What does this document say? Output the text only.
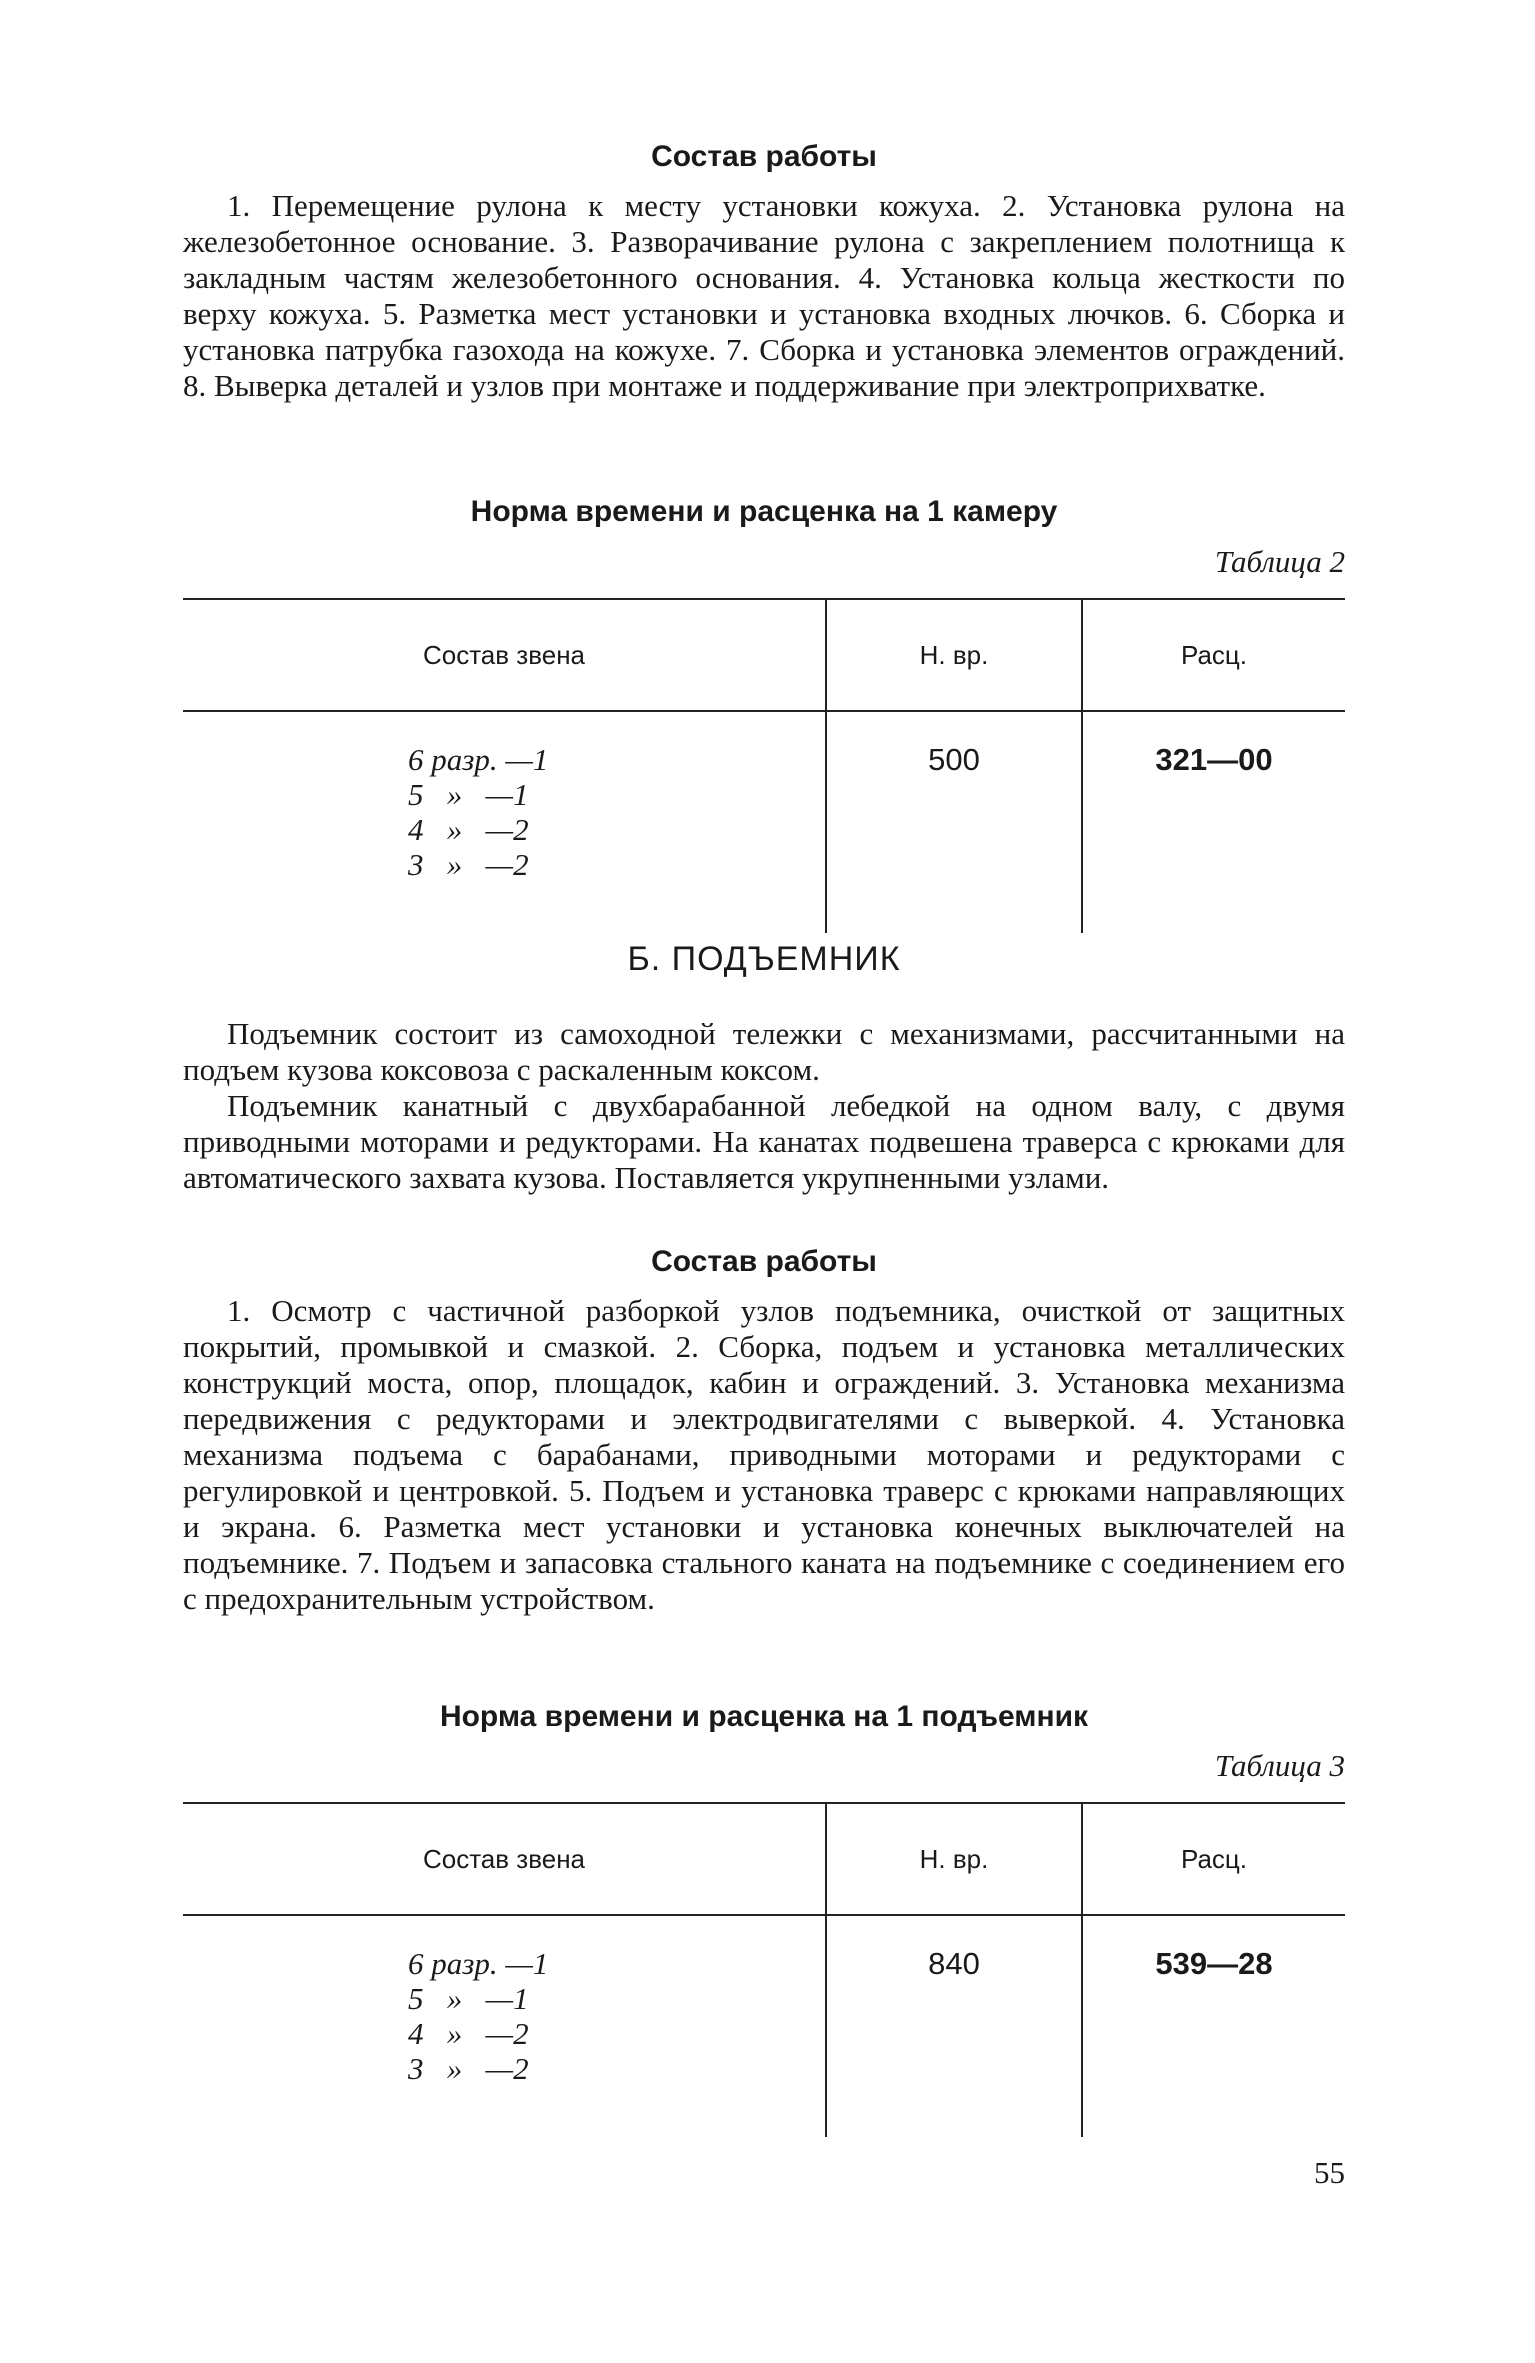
Состав работы
1. Перемещение рулона к месту установки кожуха. 2. Установка рулона на железобетонное основание. 3. Разворачивание рулона с закреплением полотнища к закладным частям железобетонного основания. 4. Установка кольца жесткости по верху кожуха. 5. Разметка мест установки и установка входных лючков. 6. Сборка и установка патрубка газохода на кожухе. 7. Сборка и установка элементов ограждений. 8. Выверка деталей и узлов при монтаже и поддерживание при электроприхватке.
Норма времени и расценка на 1 камеру
Таблица 2
Состав звена	Н. вр.	Расц.

6 разр. —1
5   »   —1
4   »   —2
3   »   —2	500	321—00
Б. ПОДЪЕМНИК
Подъемник состоит из самоходной тележки с механизмами, рассчитанными на подъем кузова коксовоза с раскаленным коксом.
Подъемник канатный с двухбарабанной лебедкой на одном валу, с двумя приводными моторами и редукторами. На канатах подвешена траверса с крюками для автоматического захвата кузова. Поставляется укрупненными узлами.
Состав работы
1. Осмотр с частичной разборкой узлов подъемника, очисткой от защитных покрытий, промывкой и смазкой. 2. Сборка, подъем и установка металлических конструкций моста, опор, площадок, кабин и ограждений. 3. Установка механизма передвижения с редукторами и электродвигателями с выверкой. 4. Установка механизма подъема с барабанами, приводными моторами и редукторами с регулировкой и центровкой. 5. Подъем и установка траверс с крюками направляющих и экрана. 6. Разметка мест установки и установка конечных выключателей на подъемнике. 7. Подъем и запасовка стального каната на подъемнике с соединением его с предохранительным устройством.
Норма времени и расценка на 1 подъемник
Таблица 3
Состав звена	Н. вр.	Расц.

6 разр. —1
5   »   —1
4   »   —2
3   »   —2	840	539—28
55
